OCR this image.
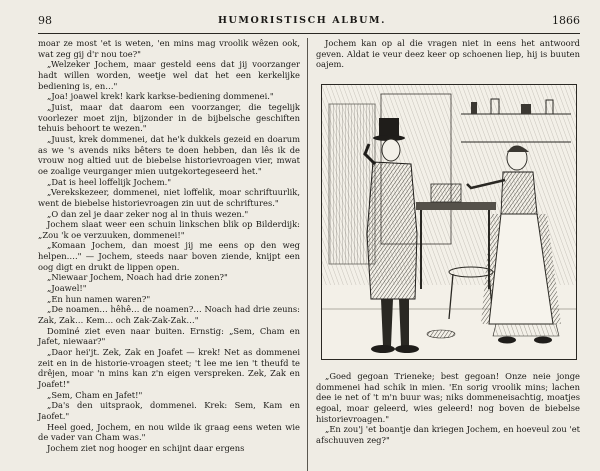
98	HUMORISTISCH ALBUM.	1866

moar ze most 'et is weten, 'en mins mag vroolik wêzen ook, wat zeg gij d'r nou toe?"

„Welzeker Jochem, maar gesteld eens dat jij voorzanger hadt willen worden, weetje wel dat het een kerkelijke bediening is, en…"

„Joa! joawel krek! kark karkse-bediening dommenei."

„Juist, maar dat daarom een voorzanger, die tegelijk voorlezer moet zijn, bijzonder in de bijbelsche geschiften tehuis behoort te wezen."

„Juust, krek dommenei, dat he'k dukkels gezeid en doarum as we 's avends niks bêters te doen hebben, dan lês ik de vrouw nog altied uut de biebelse historievroagen vier, mwat oe zoalige veurganger mien uutgekortegeseerd het."

„Dat is heel loffelijk Jochem."

„Verekskezeer, dommenei, niet loffelik, moar schriftuurlik, went de biebelse historievroagen zin uut de schriftures."

„O dan zel je daar zeker nog al in thuis wezen."

Jochem slaat weer een schuin linkschen blik op Bilderdijk: „Zou 'k oe verzuuken, dommenei!"

„Komaan Jochem, dan moest jij me eens op den weg helpen…." — Jochem, steeds naar boven ziende, knijpt een oog digt en drukt de lippen open.

„Niewaar Jochem, Noach had drie zonen?"

„Joawel!"

„En hun namen waren?"

„De noamen… hêhê… de noamen?… Noach had drie zeuns: Zak, Zak… Kem… och Zak-Zak-Zak…"

Dominé ziet even naar buiten. Ernstig: „Sem, Cham en Jafet, niewaar?"

„Daor hei'jt. Zek, Zak en Joafet — krek! Net as dommenei zeit en in de historie-vroagen steet; 't lee me ien 't theufd te drêjen, moar 'n mins kan z'n eigen verspreken. Zek, Zak en Joafet!"

„Sem, Cham en Jafet!"

„Da's den uitspraok, dommenei. Krek: Sem, Kam en Jaofet."

Heel goed, Jochem, en nou wilde ik graag eens weten wie de vader van Cham was."

Jochem ziet nog hooger en schijnt daar ergens

Jochem kan op al die vragen niet in eens het antwoord geven. Aldat ie veur deez keer op schoenen liep, hij is buuten oajem.

„Goed gegoan Trieneke; best gegoan! Onze neie jonge dommenei had schik in mien. 'En sorig vroolik mins; lachen dee ie net of 't m'n buur was; niks dommeneisachtig, moatjes egoal, moar geleerd, wies geleerd! nog boven de biebelse historievroagen."

„En zou'j 'et boantje dan kriegen Jochem, en hoeveul zou 'et afschuuven zeg?"
